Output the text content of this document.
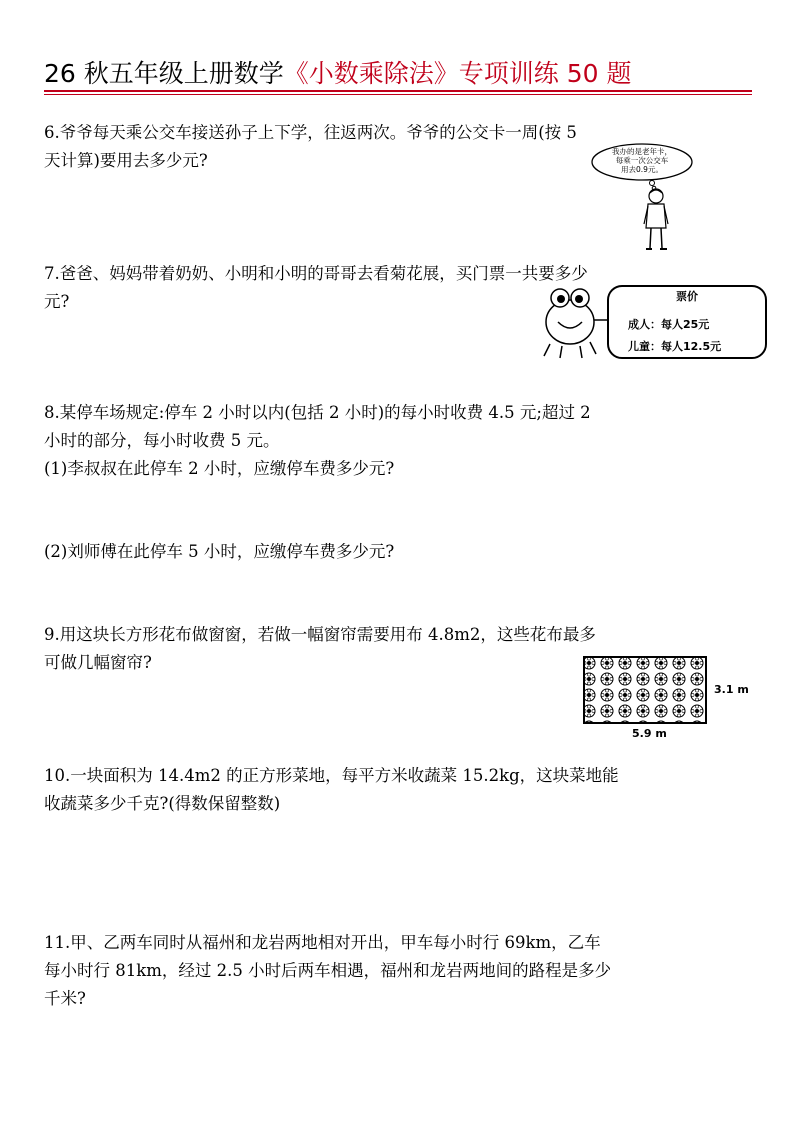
26 秋五年级上册数学《小数乘除法》专项训练 50 题
6.爷爷每天乘公交车接送孙子上下学，往返两次。爷爷的公交卡一周(按 5
天计算)要用去多少元?	我办的是老年卡，
每乘一次公交车
用去0.9元。
7.爸爸、妈妈带着奶奶、小明和小明的哥哥去看菊花展，买门票一共要多少
元?	票价
成人：每人25元
儿童：每人12.5元
8.某停车场规定:停车 2 小时以内(包括 2 小时)的每小时收费 4.5 元;超过 2
小时的部分，每小时收费 5 元。
(1)李叔叔在此停车 2 小时，应缴停车费多少元?
(2)刘师傅在此停车 5 小时，应缴停车费多少元?
9.用这块长方形花布做窗窗，若做一幅窗帘需要用布 4.8m2，这些花布最多
可做几幅窗帘?
3.1 m
5.9 m
10.一块面积为 14.4m2 的正方形菜地，每平方米收蔬菜 15.2kg，这块菜地能
收蔬菜多少千克?(得数保留整数)
11.甲、乙两车同时从福州和龙岩两地相对开出，甲车每小时行 69km，乙车
每小时行 81km，经过 2.5 小时后两车相遇，福州和龙岩两地间的路程是多少
千米?
